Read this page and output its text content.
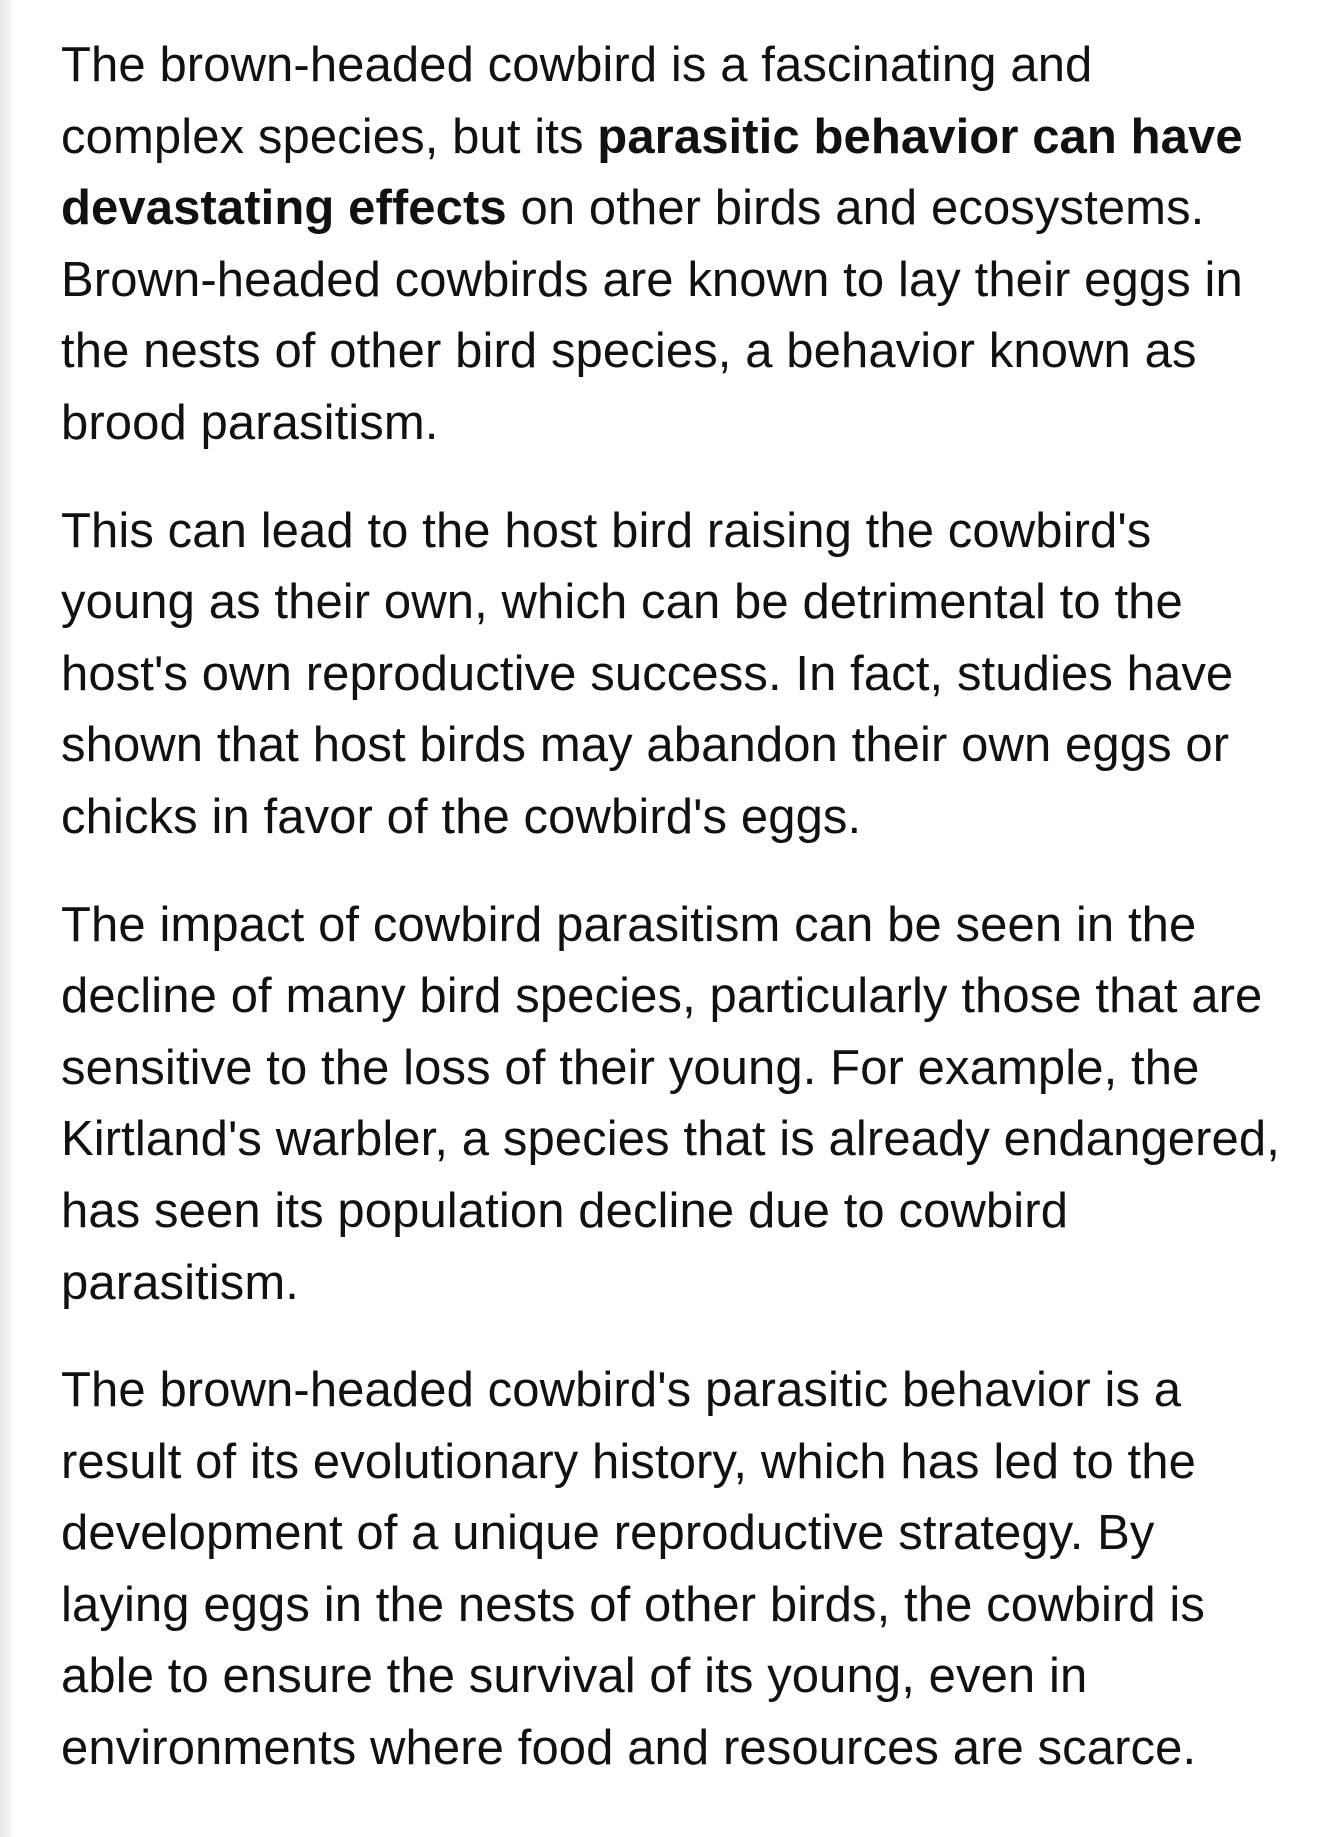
The brown-headed cowbird is a fascinating and complex species, but its parasitic behavior can have devastating effects on other birds and ecosystems. Brown-headed cowbirds are known to lay their eggs in the nests of other bird species, a behavior known as brood parasitism.

This can lead to the host bird raising the cowbird's young as their own, which can be detrimental to the host's own reproductive success. In fact, studies have shown that host birds may abandon their own eggs or chicks in favor of the cowbird's eggs.

The impact of cowbird parasitism can be seen in the decline of many bird species, particularly those that are sensitive to the loss of their young. For example, the Kirtland's warbler, a species that is already endangered, has seen its population decline due to cowbird parasitism.

The brown-headed cowbird's parasitic behavior is a result of its evolutionary history, which has led to the development of a unique reproductive strategy. By laying eggs in the nests of other birds, the cowbird is able to ensure the survival of its young, even in environments where food and resources are scarce.
